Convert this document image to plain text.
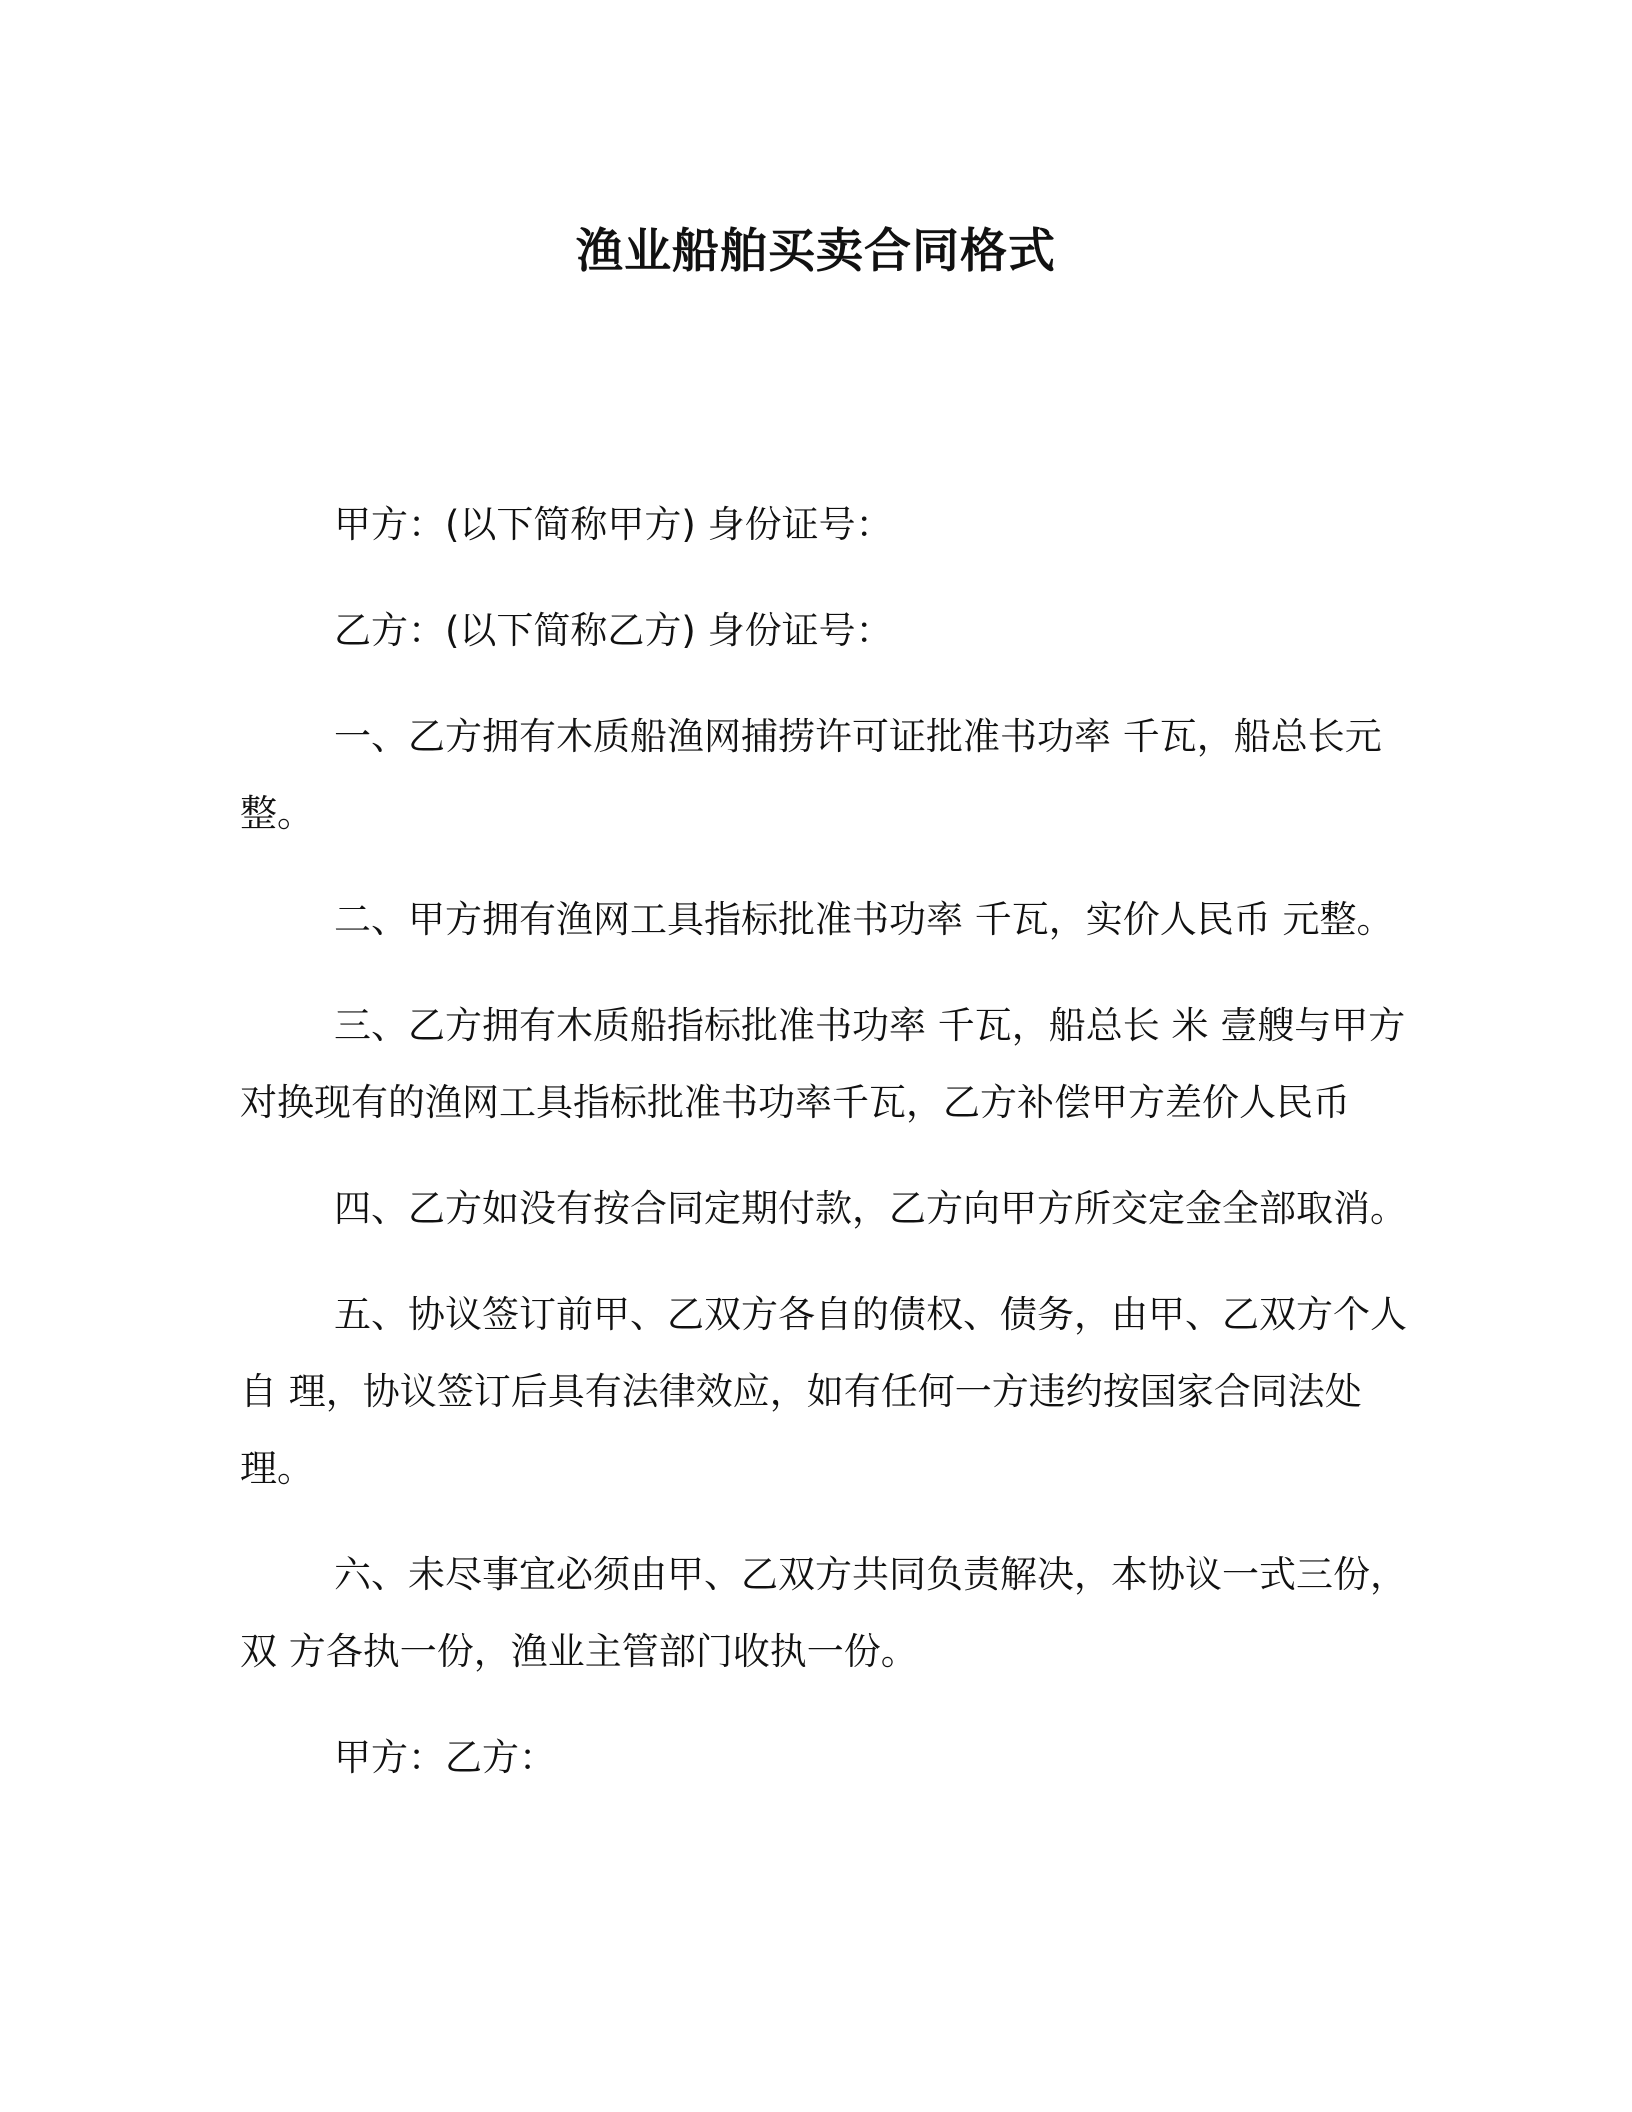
渔业船舶买卖合同格式

甲方：(以下简称甲方) 身份证号：

乙方：(以下简称乙方) 身份证号：

一、乙方拥有木质船渔网捕捞许可证批准书功率 千瓦，船总长元整。

二、甲方拥有渔网工具指标批准书功率 千瓦，实价人民币 元整。

三、乙方拥有木质船指标批准书功率 千瓦，船总长 米 壹艘与甲方对换现有的渔网工具指标批准书功率千瓦，乙方补偿甲方差价人民币

四、乙方如没有按合同定期付款，乙方向甲方所交定金全部取消。

五、协议签订前甲、乙双方各自的债权、债务，由甲、乙双方个人自 理，协议签订后具有法律效应，如有任何一方违约按国家合同法处理。

六、未尽事宜必须由甲、乙双方共同负责解决，本协议一式三份，双 方各执一份，渔业主管部门收执一份。

甲方：乙方：
